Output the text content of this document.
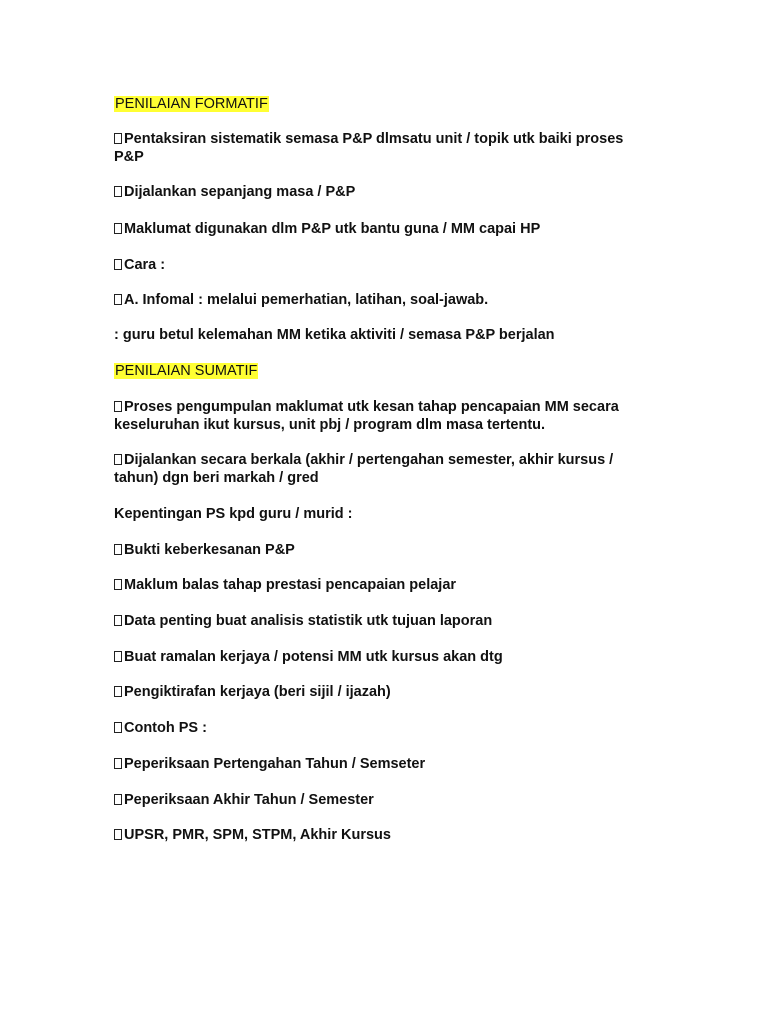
PENILAIAN FORMATIF
Pentaksiran sistematik semasa P&P dlmsatu unit / topik utk baiki proses
P&P
Dijalankan sepanjang masa / P&P
Maklumat digunakan dlm P&P utk bantu guna / MM capai HP
Cara :
A. Infomal : melalui pemerhatian, latihan, soal-jawab.
: guru betul kelemahan MM ketika aktiviti / semasa P&P berjalan
PENILAIAN SUMATIF
Proses pengumpulan maklumat utk kesan tahap pencapaian MM secara
keseluruhan ikut kursus, unit pbj / program dlm masa tertentu.
Dijalankan secara berkala (akhir / pertengahan semester, akhir kursus /
tahun) dgn beri markah / gred
Kepentingan PS kpd guru / murid :
Bukti keberkesanan P&P
Maklum balas tahap prestasi pencapaian pelajar
Data penting buat analisis statistik utk tujuan laporan
Buat ramalan kerjaya / potensi MM utk kursus akan dtg
Pengiktirafan kerjaya (beri sijil / ijazah)
Contoh PS :
Peperiksaan Pertengahan Tahun / Semseter
Peperiksaan Akhir Tahun / Semester
UPSR, PMR, SPM, STPM, Akhir Kursus
